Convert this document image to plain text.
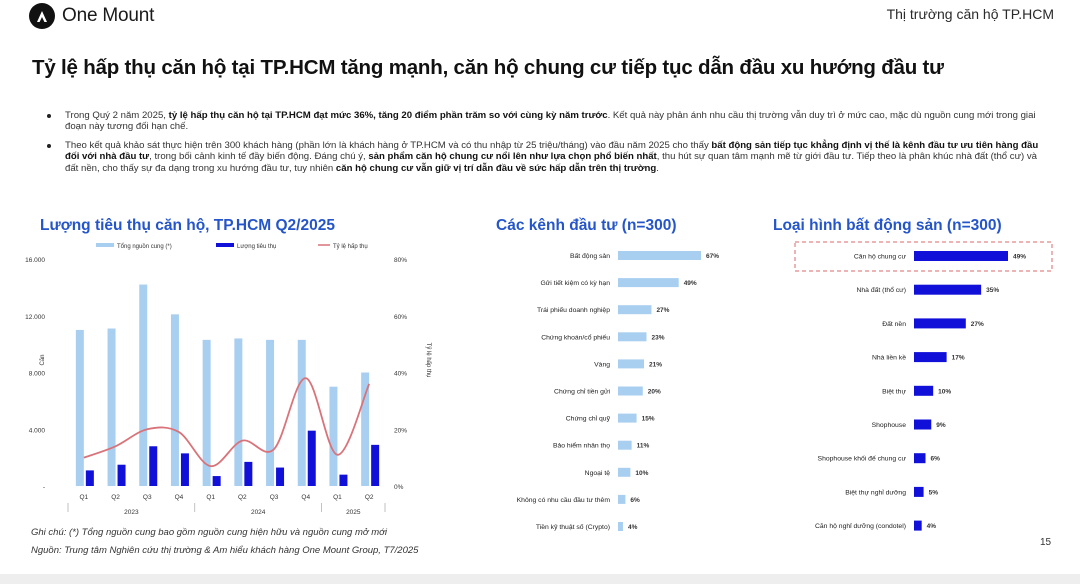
One Mount	Thị trường căn hộ TP.HCM
Tỷ lệ hấp thụ căn hộ tại TP.HCM tăng mạnh, căn hộ chung cư tiếp tục dẫn đầu xu hướng đầu tư
Trong Quý 2 năm 2025, tỷ lệ hấp thụ căn hộ tại TP.HCM đạt mức 36%, tăng 20 điểm phần trăm so với cùng kỳ năm trước. Kết quả này phản ánh nhu cầu thị trường vẫn duy trì ở mức cao, mặc dù nguồn cung mới trong giai đoạn này tương đối hạn chế.
Theo kết quả khảo sát thực hiện trên 300 khách hàng (phần lớn là khách hàng ở TP.HCM và có thu nhập từ 25 triệu/tháng) vào đầu năm 2025 cho thấy bất động sản tiếp tục khẳng định vị thế là kênh đầu tư ưu tiên hàng đầu đối với nhà đầu tư, trong bối cảnh kinh tế đầy biến động. Đáng chú ý, sản phẩm căn hộ chung cư nổi lên như lựa chọn phổ biến nhất, thu hút sự quan tâm mạnh mẽ từ giới đầu tư. Tiếp theo là phân khúc nhà đất (thổ cư) và đất nền, cho thấy sự đa dạng trong xu hướng đầu tư, tuy nhiên căn hộ chung cư vẫn giữ vị trí dẫn đầu về sức hấp dẫn trên thị trường.
Lượng tiêu thụ căn hộ, TP.HCM Q2/2025	Các kênh đầu tư (n=300)	Loại hình bất động sản (n=300)
Tổng nguồn cung (*)	Lượng tiêu thụ	Tỷ lệ hấp thụ
-
4.000
8.000
12.000
16.000
0%
20%
40%
60%
80%
Căn	Tỷ lệ hấp thụ
Q1	Q2	Q3	Q4	Q1	Q2	Q3	Q4	Q1	Q2
2023	2024	2025
Bất động sản	67%
Gửi tiết kiệm có kỳ hạn	49%
Trái phiếu doanh nghiệp	27%
Chứng khoán/cổ phiếu	23%
Vàng	21%
Chứng chỉ tiền gửi	20%
Chứng chỉ quỹ	15%
Bảo hiểm nhân thọ	11%
Ngoại tệ	10%
Không có nhu cầu đầu tư thêm	6%
Tiền kỹ thuật số (Crypto)	4%
Căn hộ chung cư	49%
Nhà đất (thổ cư)	35%
Đất nền	27%
Nhà liền kề	17%
Biệt thự	10%
Shophouse	9%
Shophouse khối đế chung cư	6%
Biệt thự nghỉ dưỡng	5%
Căn hộ nghỉ dưỡng (condotel)	4%
Ghi chú: (*) Tổng nguồn cung bao gồm nguồn cung hiện hữu và nguồn cung mở mới
Nguồn: Trung tâm Nghiên cứu thị trường & Am hiểu khách hàng One Mount Group, T7/2025
15
